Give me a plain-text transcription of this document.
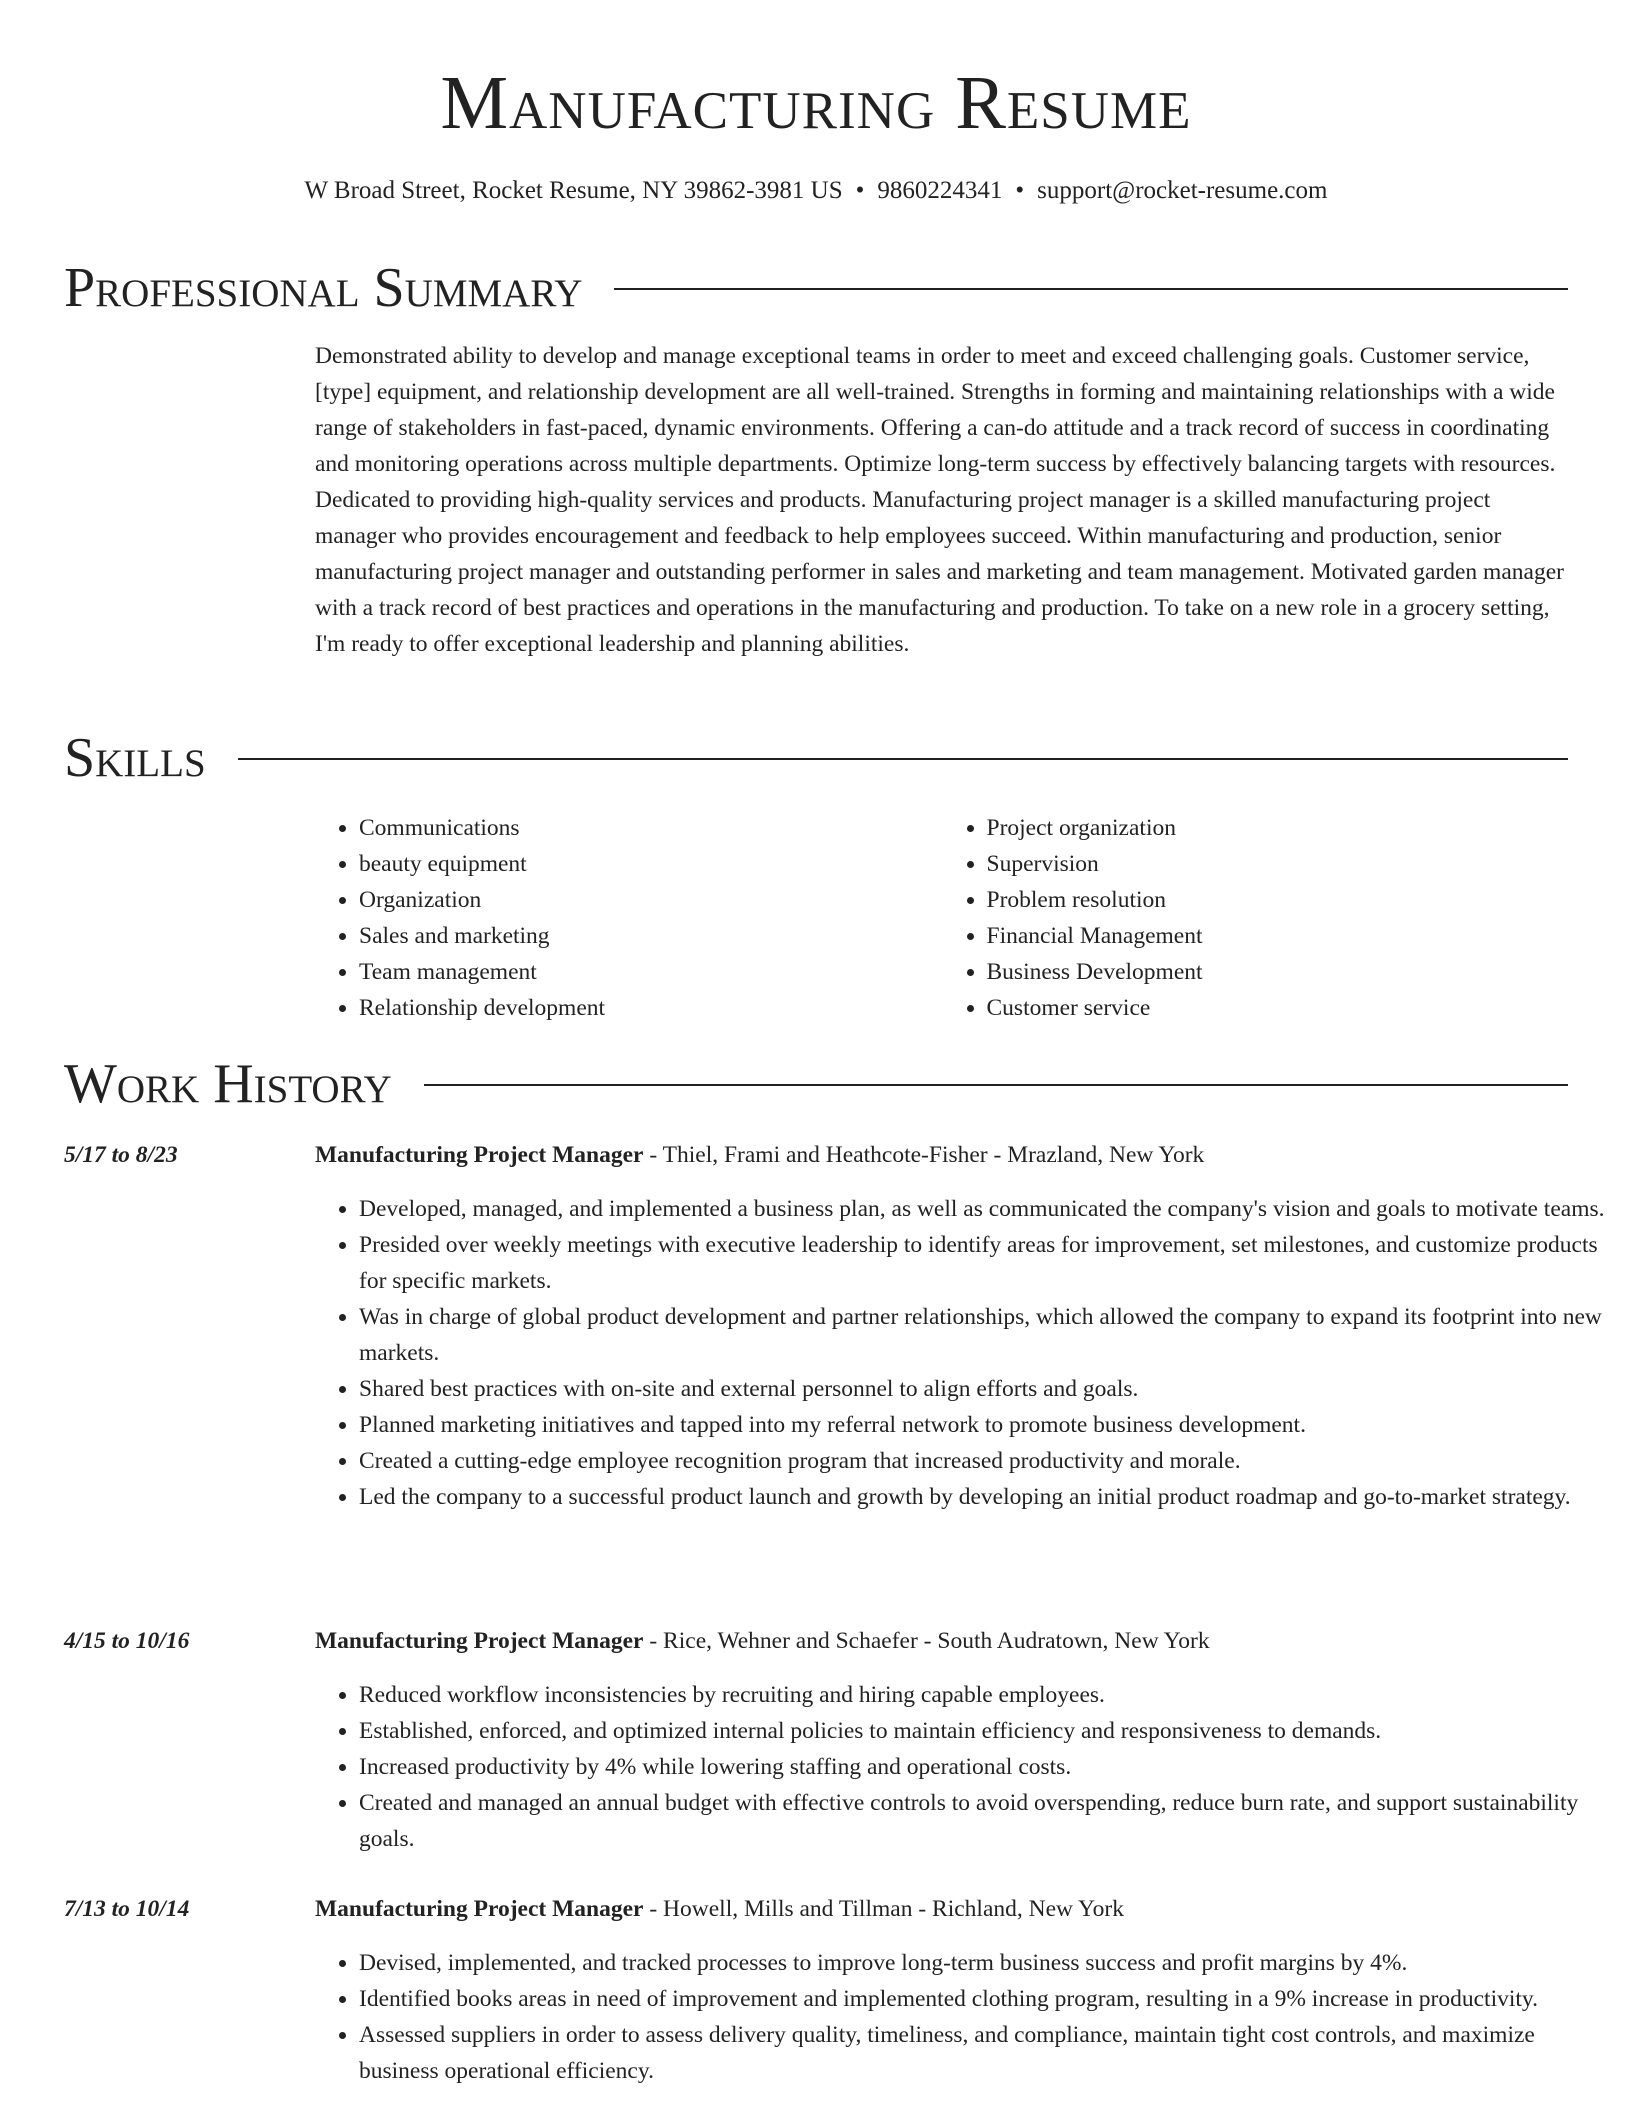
Manufacturing Resume
W Broad Street, Rocket Resume, NY 39862-3981 US • 9860224341 • support@rocket-resume.com
Professional Summary
Demonstrated ability to develop and manage exceptional teams in order to meet and exceed challenging goals. Customer service, [type] equipment, and relationship development are all well-trained. Strengths in forming and maintaining relationships with a wide range of stakeholders in fast-paced, dynamic environments. Offering a can-do attitude and a track record of success in coordinating and monitoring operations across multiple departments. Optimize long-term success by effectively balancing targets with resources. Dedicated to providing high-quality services and products. Manufacturing project manager is a skilled manufacturing project manager who provides encouragement and feedback to help employees succeed. Within manufacturing and production, senior manufacturing project manager and outstanding performer in sales and marketing and team management. Motivated garden manager with a track record of best practices and operations in the manufacturing and production. To take on a new role in a grocery setting, I'm ready to offer exceptional leadership and planning abilities.
Skills
• Communications
• beauty equipment
• Organization
• Sales and marketing
• Team management
• Relationship development
• Project organization
• Supervision
• Problem resolution
• Financial Management
• Business Development
• Customer service
Work History
5/17 to 8/23	Manufacturing Project Manager - Thiel, Frami and Heathcote-Fisher - Mrazland, New York
• Developed, managed, and implemented a business plan, as well as communicated the company's vision and goals to motivate teams.
• Presided over weekly meetings with executive leadership to identify areas for improvement, set milestones, and customize products for specific markets.
• Was in charge of global product development and partner relationships, which allowed the company to expand its footprint into new markets.
• Shared best practices with on-site and external personnel to align efforts and goals.
• Planned marketing initiatives and tapped into my referral network to promote business development.
• Created a cutting-edge employee recognition program that increased productivity and morale.
• Led the company to a successful product launch and growth by developing an initial product roadmap and go-to-market strategy.
4/15 to 10/16	Manufacturing Project Manager - Rice, Wehner and Schaefer - South Audratown, New York
• Reduced workflow inconsistencies by recruiting and hiring capable employees.
• Established, enforced, and optimized internal policies to maintain efficiency and responsiveness to demands.
• Increased productivity by 4% while lowering staffing and operational costs.
• Created and managed an annual budget with effective controls to avoid overspending, reduce burn rate, and support sustainability goals.
7/13 to 10/14	Manufacturing Project Manager - Howell, Mills and Tillman - Richland, New York
• Devised, implemented, and tracked processes to improve long-term business success and profit margins by 4%.
• Identified books areas in need of improvement and implemented clothing program, resulting in a 9% increase in productivity.
• Assessed suppliers in order to assess delivery quality, timeliness, and compliance, maintain tight cost controls, and maximize business operational efficiency.
